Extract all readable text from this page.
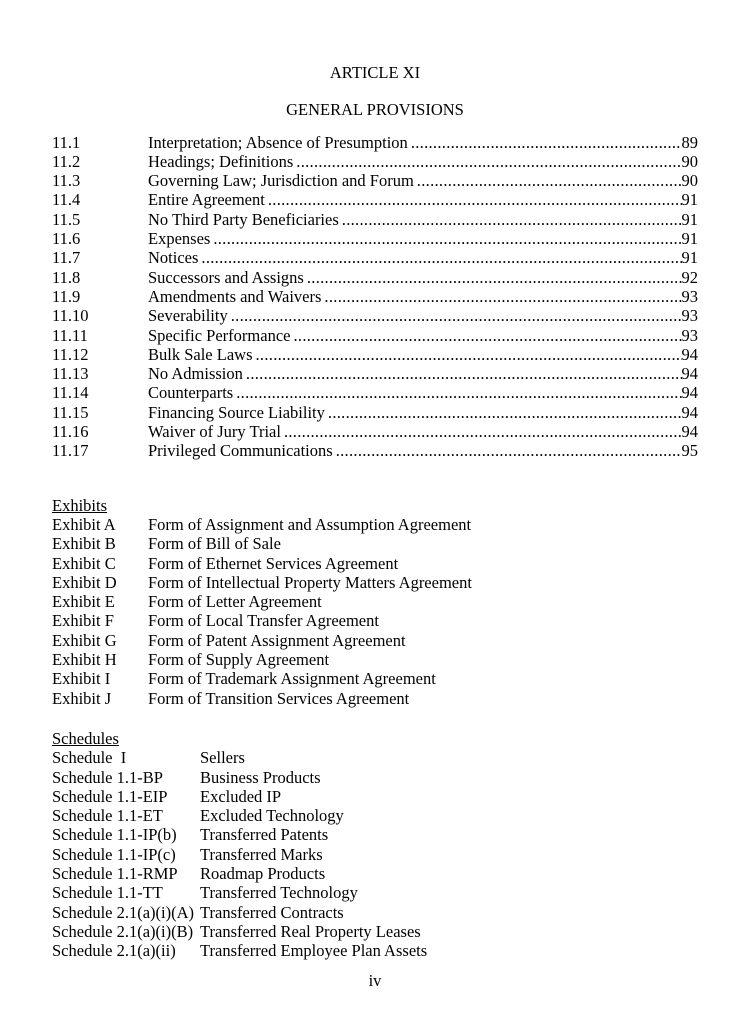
ARTICLE XI
GENERAL PROVISIONS
11.1	Interpretation; Absence of Presumption .....	89
11.2	Headings; Definitions .....	90
11.3	Governing Law; Jurisdiction and Forum .....	90
11.4	Entire Agreement .....	91
11.5	No Third Party Beneficiaries .....	91
11.6	Expenses .....	91
11.7	Notices .....	91
11.8	Successors and Assigns .....	92
11.9	Amendments and Waivers .....	93
11.10	Severability .....	93
11.11	Specific Performance .....	93
11.12	Bulk Sale Laws .....	94
11.13	No Admission .....	94
11.14	Counterparts .....	94
11.15	Financing Source Liability .....	94
11.16	Waiver of Jury Trial .....	94
11.17	Privileged Communications .....	95
Exhibits
Exhibit A	Form of Assignment and Assumption Agreement
Exhibit B	Form of Bill of Sale
Exhibit C	Form of Ethernet Services Agreement
Exhibit D	Form of Intellectual Property Matters Agreement
Exhibit E	Form of Letter Agreement
Exhibit F	Form of Local Transfer Agreement
Exhibit G	Form of Patent Assignment Agreement
Exhibit H	Form of Supply Agreement
Exhibit I	Form of Trademark Assignment Agreement
Exhibit J	Form of Transition Services Agreement
Schedules
Schedule  I	Sellers
Schedule 1.1-BP	Business Products
Schedule 1.1-EIP	Excluded IP
Schedule 1.1-ET	Excluded Technology
Schedule 1.1-IP(b)	Transferred Patents
Schedule 1.1-IP(c)	Transferred Marks
Schedule 1.1-RMP	Roadmap Products
Schedule 1.1-TT	Transferred Technology
Schedule 2.1(a)(i)(A) Transferred Contracts
Schedule 2.1(a)(i)(B) Transferred Real Property Leases
Schedule 2.1(a)(ii)	Transferred Employee Plan Assets
iv
